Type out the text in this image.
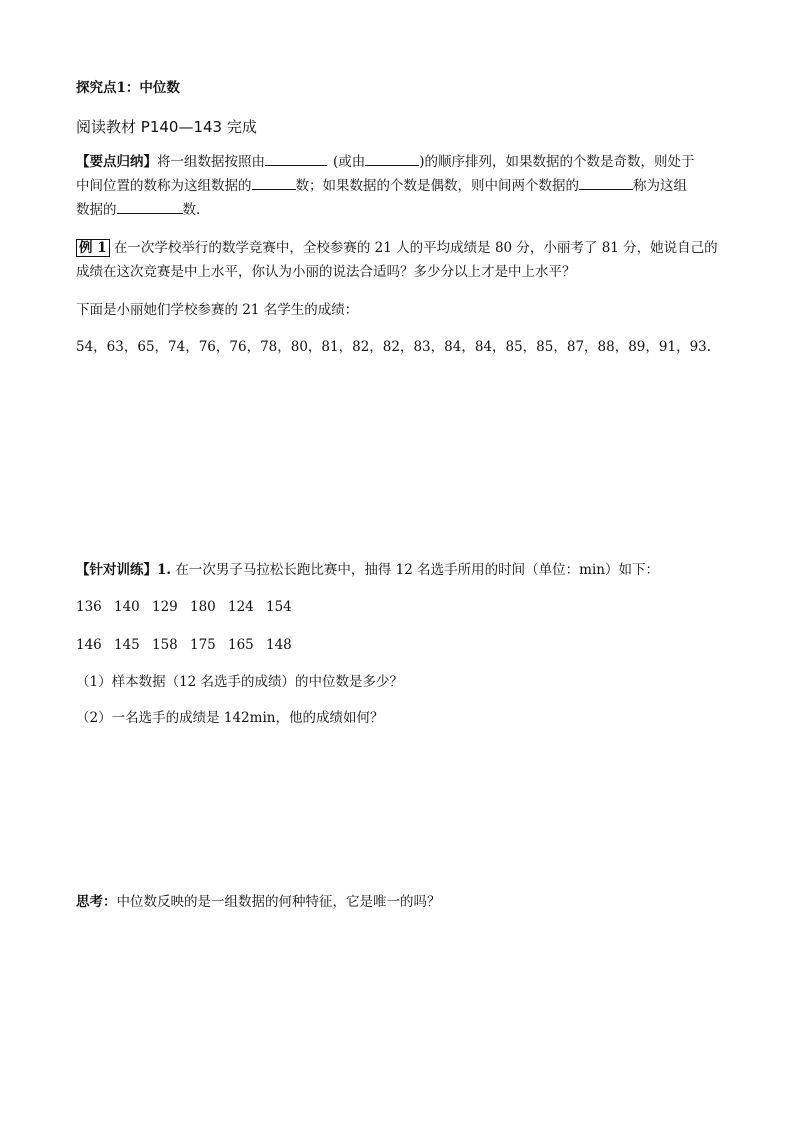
探究点1：中位数
阅读教材 P140—143 完成
【要点归纳】将一组数据按照由	(或由	)的顺序排列，如果数据的个数是奇数，则处于
中间位置的数称为这组数据的	数；如果数据的个数是偶数，则中间两个数据的	称为这组
数据的	数.
例 1 在一次学校举行的数学竞赛中，全校参赛的 21 人的平均成绩是 80 分，小丽考了 81 分，她说自己的
成绩在这次竞赛是中上水平，你认为小丽的说法合适吗？多少分以上才是中上水平？
下面是小丽她们学校参赛的 21 名学生的成绩：
54，63，65，74，76，76，78，80，81，82，82，83，84，84，85，85，87，88，89，91，93.
【针对训练】1. 在一次男子马拉松长跑比赛中，抽得 12 名选手所用的时间（单位：min）如下：
136 140 129 180 124 154
146 145 158 175 165 148
（1）样本数据（12 名选手的成绩）的中位数是多少？
（2）一名选手的成绩是 142min，他的成绩如何？
思考：中位数反映的是一组数据的何种特征，它是唯一的吗？
